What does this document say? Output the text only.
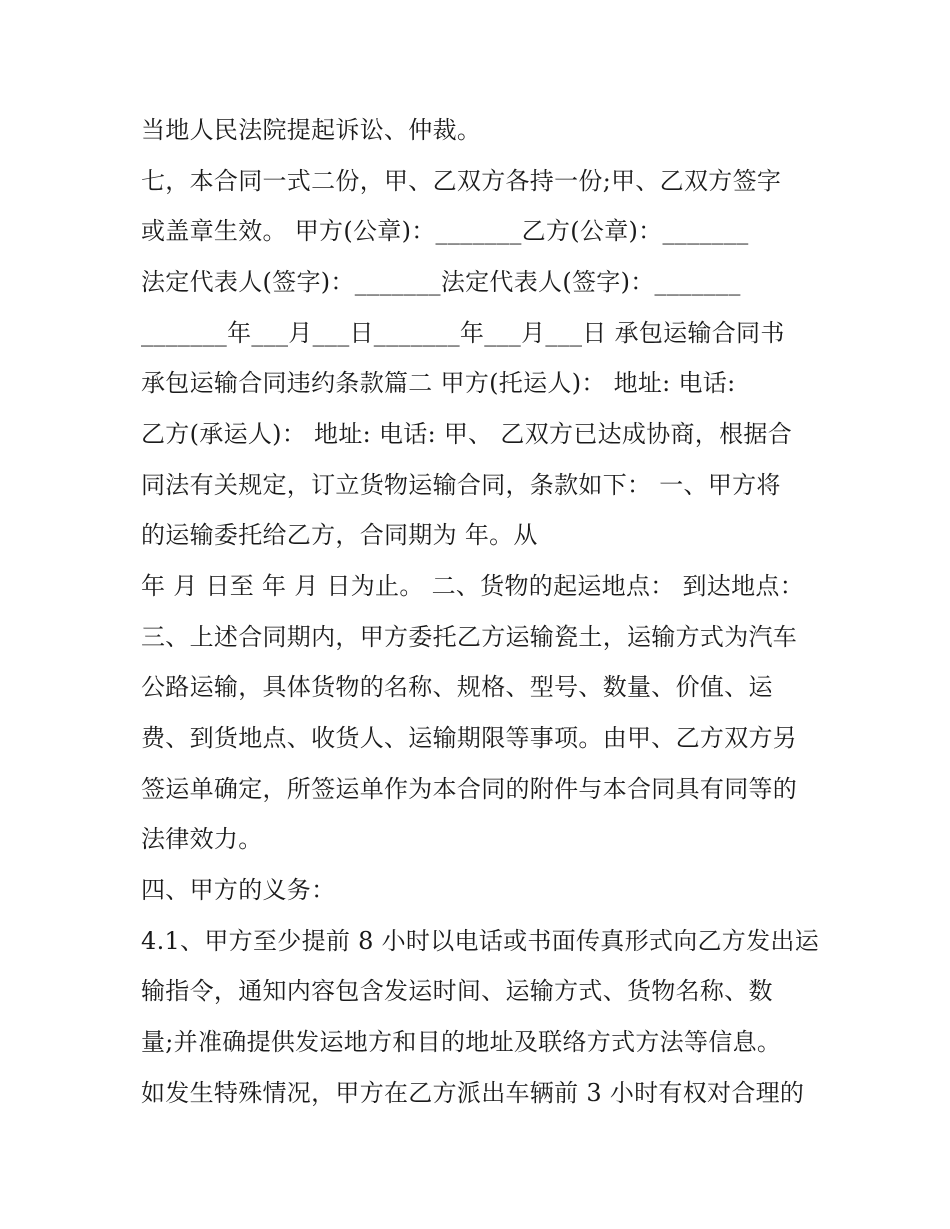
当地人民法院提起诉讼、仲裁。
七，本合同一式二份，甲、乙双方各持一份;甲、乙双方签字
或盖章生效。 甲方(公章)：_______乙方(公章)：_______
法定代表人(签字)：_______法定代表人(签字)：_______
_______年___月___日_______年___月___日 承包运输合同书
承包运输合同违约条款篇二 甲方(托运人)： 地址: 电话:
乙方(承运人)： 地址: 电话: 甲、 乙双方已达成协商，根据合
同法有关规定，订立货物运输合同，条款如下： 一、甲方将
的运输委托给乙方，合同期为 年。从
年 月 日至 年 月 日为止。 二、货物的起运地点： 到达地点：
三、上述合同期内，甲方委托乙方运输瓷土，运输方式为汽车
公路运输，具体货物的名称、规格、型号、数量、价值、运
费、到货地点、收货人、运输期限等事项。由甲、乙方双方另
签运单确定，所签运单作为本合同的附件与本合同具有同等的
法律效力。
四、甲方的义务：
4.1、甲方至少提前 8 小时以电话或书面传真形式向乙方发出运
输指令，通知内容包含发运时间、运输方式、货物名称、数
量;并准确提供发运地方和目的地址及联络方式方法等信息。
如发生特殊情况，甲方在乙方派出车辆前 3 小时有权对合理的
